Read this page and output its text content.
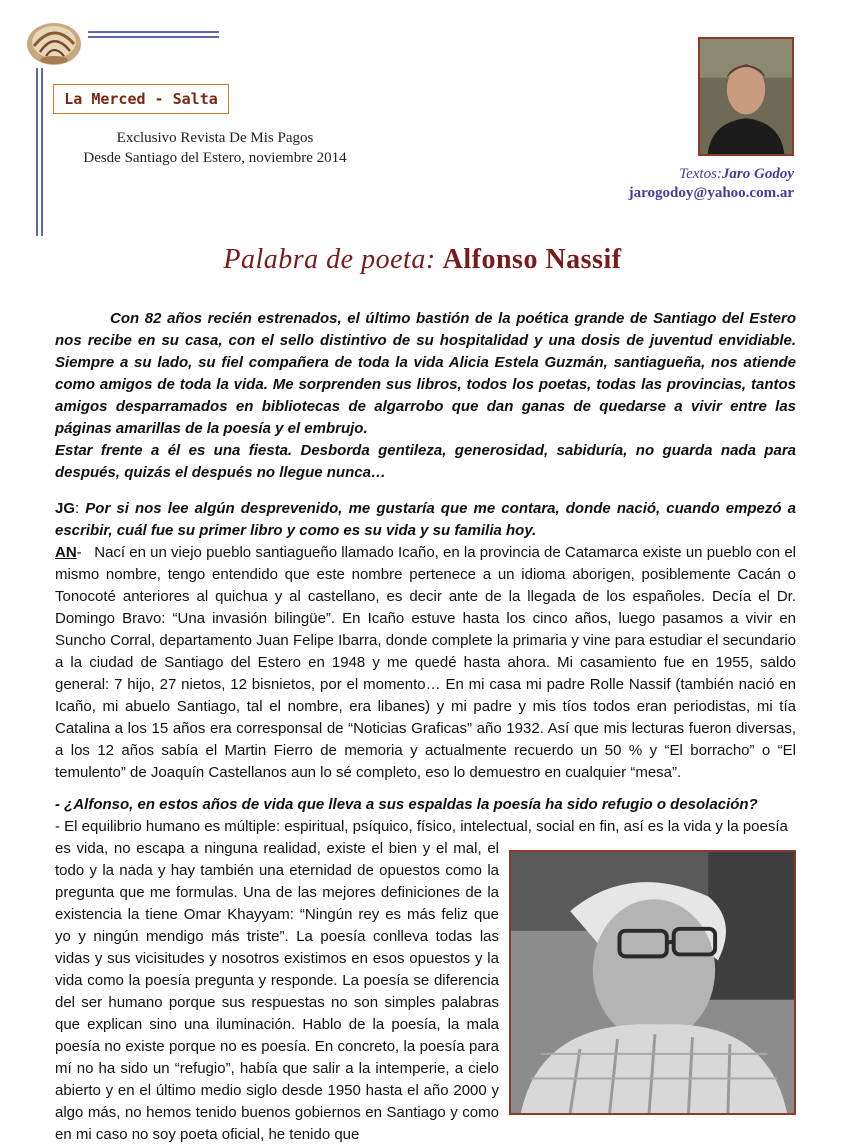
La Merced - Salta
Exclusivo Revista De Mis Pagos
Desde Santiago del Estero, noviembre 2014
Textos:Jaro Godoy
jarogodoy@yahoo.com.ar
Palabra de poeta: Alfonso Nassif

Con 82 años recién estrenados, el último bastión de la poética grande de Santiago del Estero nos recibe en su casa, con el sello distintivo de su hospitalidad y una dosis de juventud envidiable. Siempre a su lado, su fiel compañera de toda la vida Alicia Estela Guzmán, santiagueña, nos atiende como amigos de toda la vida. Me sorprenden sus libros, todos los poetas, todas las provincias, tantos amigos desparramados en bibliotecas de algarrobo que dan ganas de quedarse a vivir entre las páginas amarillas de la poesía y el embrujo.

Estar frente a él es una fiesta. Desborda gentileza, generosidad, sabiduría, no guarda nada para después, quizás el después no llegue nunca…

JG: Por si nos lee algún desprevenido, me gustaría que me contara, donde nació, cuando empezó a escribir, cuál fue su primer libro y como es su vida y su familia hoy.

AN-   Nací en un viejo pueblo santiagueño llamado Icaño, en la provincia de Catamarca existe un pueblo con el mismo nombre, tengo entendido que este nombre pertenece a un idioma aborigen, posiblemente Cacán o Tonocoté anteriores al quichua y al castellano, es decir ante de la llegada de los españoles. Decía el Dr. Domingo Bravo: “Una invasión bilingüe”. En Icaño estuve hasta los cinco años, luego pasamos a vivir en Suncho Corral, departamento Juan Felipe Ibarra, donde complete la primaria y vine para estudiar el secundario a la ciudad de Santiago del Estero en 1948 y me quedé hasta ahora. Mi casamiento fue en 1955, saldo general: 7 hijo, 27 nietos, 12 bisnietos, por el momento… En mi casa mi padre Rolle Nassif (también nació en Icaño, mi abuelo Santiago, tal el nombre, era libanes) y mi padre y mis tíos todos eran periodistas, mi tía Catalina a los 15 años era corresponsal de “Noticias Graficas” año 1932. Así que mis lecturas fueron diversas, a los 12 años sabía el Martin Fierro de memoria y actualmente recuerdo un 50 % y “El borracho” o “El temulento” de Joaquín Castellanos aun lo sé completo, eso lo demuestro en cualquier “mesa”.

- ¿Alfonso, en estos años de vida que lleva a sus espaldas la poesía ha sido refugio o desolación?

- El equilibrio humano es múltiple: espiritual, psíquico, físico, intelectual, social en fin, así es la vida y la poesía

es vida, no escapa a ninguna realidad, existe el bien y el mal, el todo y la nada y hay también una eternidad de opuestos como la pregunta que me formulas. Una de las mejores definiciones de la existencia la tiene Omar Khayyam: “Ningún rey es más feliz que yo y ningún mendigo más triste”. La poesía conlleva todas las vidas y sus vicisitudes y nosotros existimos en esos opuestos y la vida como la poesía pregunta y responde. La poesía se diferencia del ser humano porque sus respuestas no son simples palabras que explican sino una iluminación. Hablo de la poesía, la mala poesía no existe porque no es poesía. En concreto, la poesía para mí no ha sido un “refugio”, había que salir a la intemperie, a cielo abierto y en el último medio siglo desde 1950 hasta el año 2000 y algo más, no hemos tenido buenos gobiernos en Santiago y como en mi caso no soy poeta oficial, he tenido que
